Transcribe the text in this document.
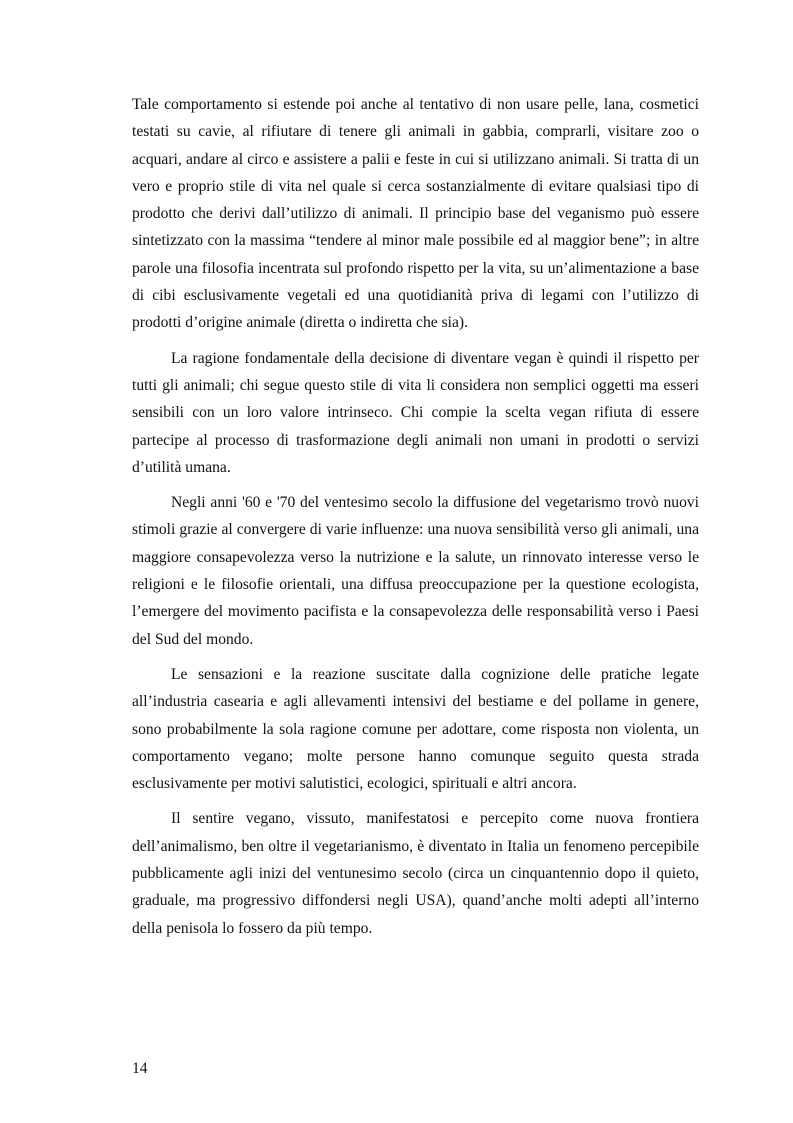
Tale comportamento si estende poi anche al tentativo di non usare pelle, lana, cosmetici testati su cavie, al rifiutare di tenere gli animali in gabbia, comprarli, visitare zoo o acquari, andare al circo e assistere a palii e feste in cui si utilizzano animali. Si tratta di un vero e proprio stile di vita nel quale si cerca sostanzialmente di evitare qualsiasi tipo di prodotto che derivi dall’utilizzo di animali. Il principio base del veganismo può essere sintetizzato con la massima “tendere al minor male possibile ed al maggior bene”; in altre parole una filosofia incentrata sul profondo rispetto per la vita, su un’alimentazione a base di cibi esclusivamente vegetali ed una quotidianità priva di legami con l’utilizzo di prodotti d’origine animale (diretta o indiretta che sia).

La ragione fondamentale della decisione di diventare vegan è quindi il rispetto per tutti gli animali; chi segue questo stile di vita li considera non semplici oggetti ma esseri sensibili con un loro valore intrinseco. Chi compie la scelta vegan rifiuta di essere partecipe al processo di trasformazione degli animali non umani in prodotti o servizi d’utilità umana.

Negli anni '60 e '70 del ventesimo secolo la diffusione del vegetarismo trovò nuovi stimoli grazie al convergere di varie influenze: una nuova sensibilità verso gli animali, una maggiore consapevolezza verso la nutrizione e la salute, un rinnovato interesse verso le religioni e le filosofie orientali, una diffusa preoccupazione per la questione ecologista, l’emergere del movimento pacifista e la consapevolezza delle responsabilità verso i Paesi del Sud del mondo.

Le sensazioni e la reazione suscitate dalla cognizione delle pratiche legate all’industria casearia e agli allevamenti intensivi del bestiame e del pollame in genere, sono probabilmente la sola ragione comune per adottare, come risposta non violenta, un comportamento vegano; molte persone hanno comunque seguito questa strada esclusivamente per motivi salutistici, ecologici, spirituali e altri ancora.

Il sentire vegano, vissuto, manifestatosi e percepito come nuova frontiera dell’animalismo, ben oltre il vegetarianismo, è diventato in Italia un fenomeno percepibile pubblicamente agli inizi del ventunesimo secolo (circa un cinquantennio dopo il quieto, graduale, ma progressivo diffondersi negli USA), quand’anche molti adepti all’interno della penisola lo fossero da più tempo.

14
